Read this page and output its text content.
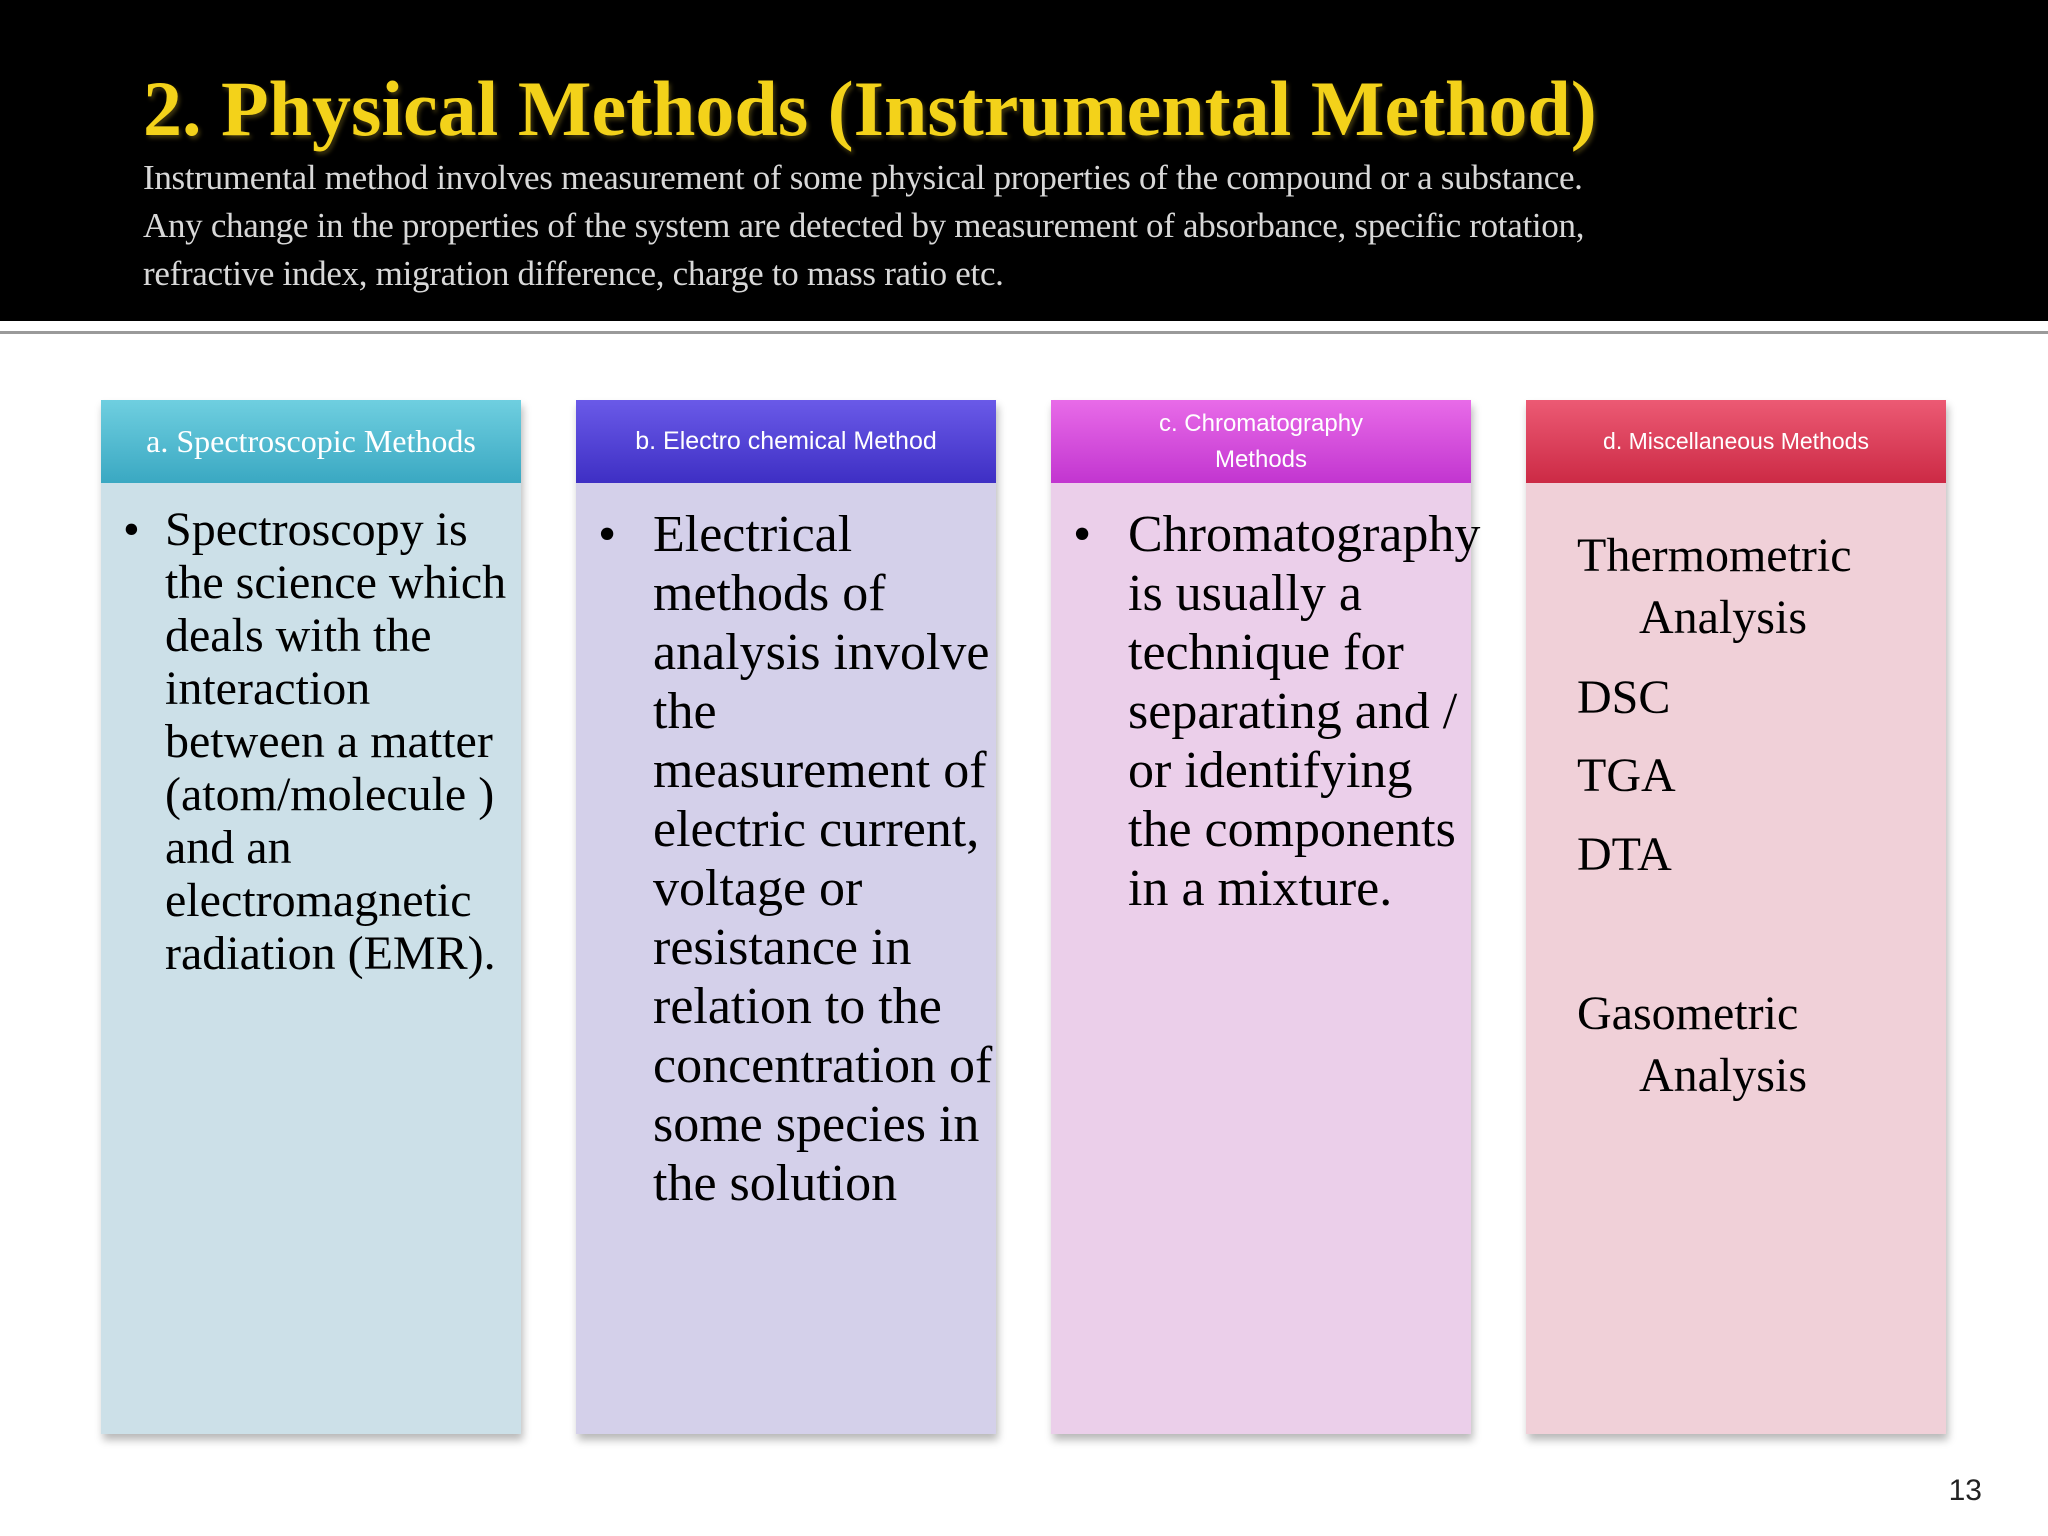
2. Physical Methods (Instrumental Method)
Instrumental method involves measurement of some physical properties of the compound or a substance.
Any change in the properties of the system are detected by measurement of absorbance, specific rotation,
refractive index, migration difference, charge to mass ratio etc.
a. Spectroscopic Methods
• Spectroscopy is the science which deals with the interaction between a matter (atom/molecule ) and an electromagnetic radiation (EMR).

b. Electro chemical Method
• Electrical methods of analysis involve the measurement of electric current, voltage or resistance in relation to the concentration of some species in the solution

c. Chromatography Methods
• Chromatography is usually a technique for separating and / or identifying the components in a mixture.

d. Miscellaneous Methods
Thermometric
Analysis
DSC
TGA
DTA
Gasometric
Analysis
13
